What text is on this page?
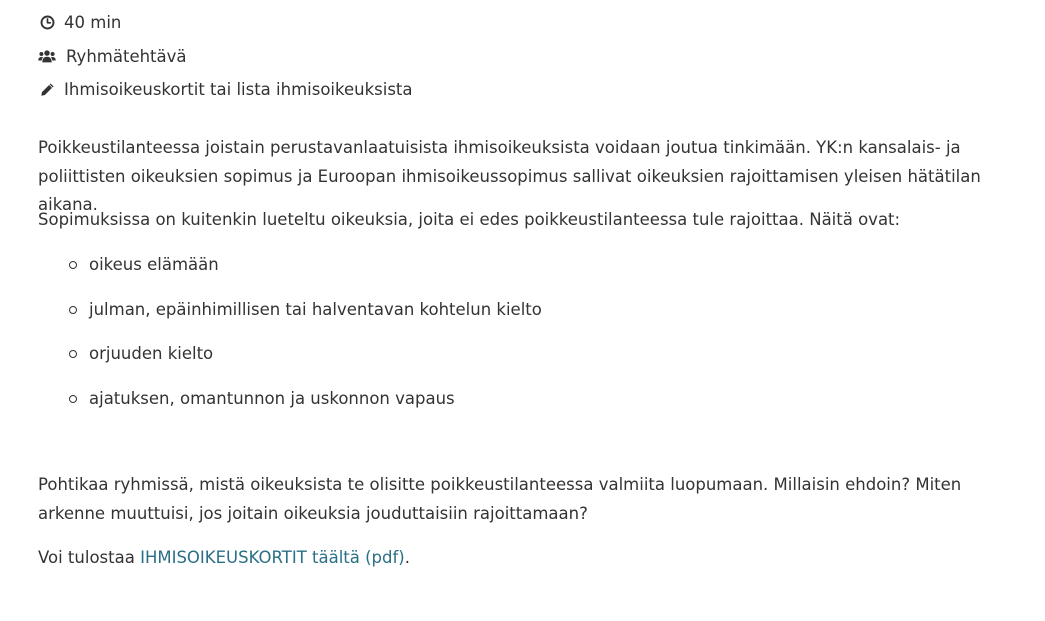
40 min
Ryhmätehtävä
Ihmisoikeuskortit tai lista ihmisoikeuksista

Poikkeustilanteessa joistain perustavanlaatuisista ihmisoikeuksista voidaan joutua tinkimään. YK:n kansalais- ja poliittisten oikeuksien sopimus ja Euroopan ihmisoikeussopimus sallivat oikeuksien rajoittamisen yleisen hätätilan aikana.

Sopimuksissa on kuitenkin lueteltu oikeuksia, joita ei edes poikkeustilanteessa tule rajoittaa. Näitä ovat:

oikeus elämään
julman, epäinhimillisen tai halventavan kohtelun kielto
orjuuden kielto
ajatuksen, omantunnon ja uskonnon vapaus

Pohtikaa ryhmissä, mistä oikeuksista te olisitte poikkeustilanteessa valmiita luopumaan. Millaisin ehdoin? Miten arkenne muuttuisi, jos joitain oikeuksia jouduttaisiin rajoittamaan?

Voi tulostaa IHMISOIKEUSKORTIT täältä (pdf).
